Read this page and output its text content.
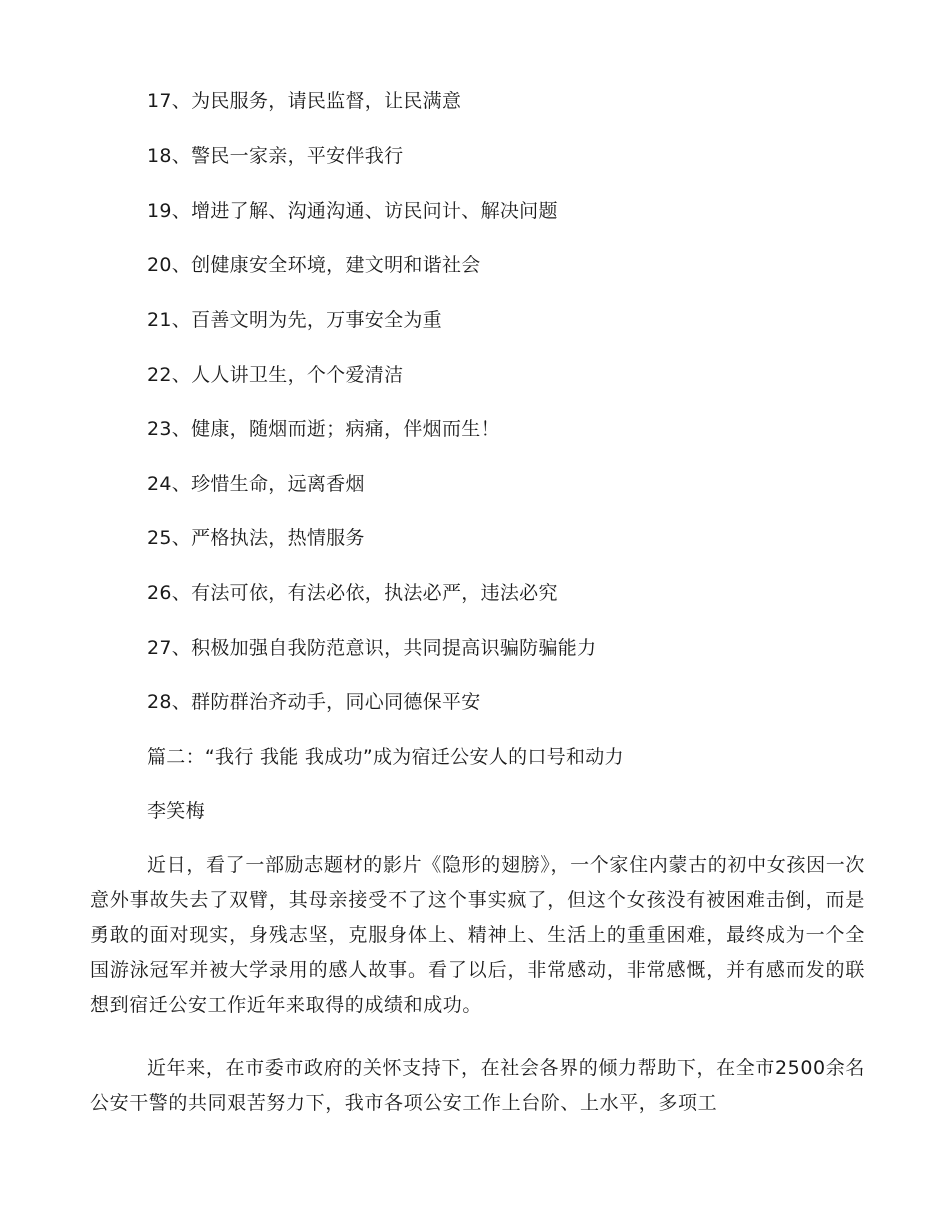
17、为民服务，请民监督，让民满意
18、警民一家亲，平安伴我行
19、增进了解、沟通沟通、访民问计、解决问题
20、创健康安全环境，建文明和谐社会
21、百善文明为先，万事安全为重
22、人人讲卫生，个个爱清洁
23、健康，随烟而逝；病痛，伴烟而生！
24、珍惜生命，远离香烟
25、严格执法，热情服务
26、有法可依，有法必依，执法必严，违法必究
27、积极加强自我防范意识，共同提高识骗防骗能力
28、群防群治齐动手，同心同德保平安
篇二：“我行 我能 我成功”成为宿迁公安人的口号和动力
李笑梅

近日，看了一部励志题材的影片《隐形的翅膀》，一个家住内蒙古的初中女孩因一次意外事故失去了双臂，其母亲接受不了这个事实疯了，但这个女孩没有被困难击倒，而是勇敢的面对现实，身残志坚，克服身体上、精神上、生活上的重重困难，最终成为一个全国游泳冠军并被大学录用的感人故事。看了以后，非常感动，非常感慨，并有感而发的联想到宿迁公安工作近年来取得的成绩和成功。

近年来，在市委市政府的关怀支持下，在社会各界的倾力帮助下，在全市2500余名公安干警的共同艰苦努力下，我市各项公安工作上台阶、上水平，多项工
